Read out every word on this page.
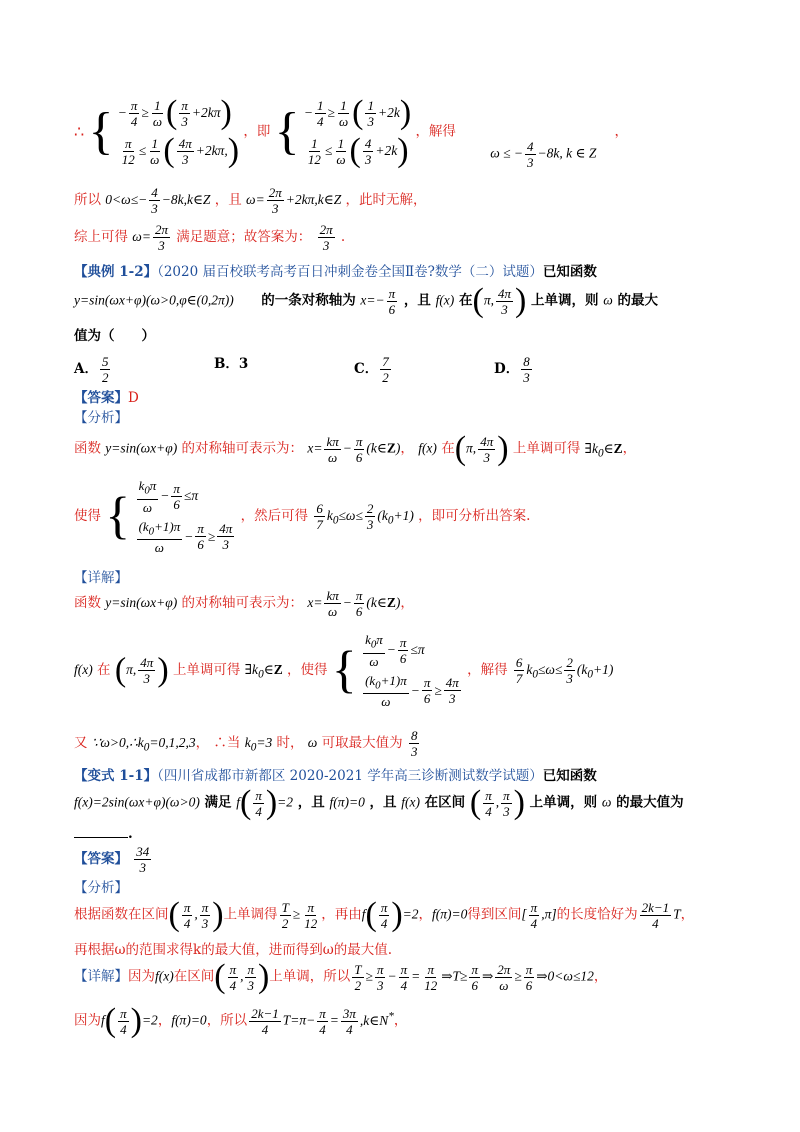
∴ { − $\frac{\pi}{4} \ge \frac{1}{\omega}$ ( $\frac{\pi}{3} +2k\pi$ )
$\frac{\pi}{12} \le \frac{1}{\omega}$ ( $\frac{4\pi}{3} +2k\pi$, )
，即 { − $\frac{1}{4} \ge \frac{1}{\omega}$ ( $\frac{1}{3} +2k$ )
$\frac{1}{12} \le \frac{1}{\omega}$ ( $\frac{4}{3} +2k$ )
，解得
ω ≤ − $\frac{4}{3} -8k$, k ∈ Z
，
所以 $0<\omega\le- \frac{4}{3}$ −8k,k∈Z ，且 $\omega= \frac{2\pi}{3}$ +2kπ,k∈Z ，此时无解，
综上可得 $\omega= \frac{2\pi}{3}$ 满足题意；故答案为： $\frac{2\pi}{3}$ .
【典例 1-2】（2020 届百校联考高考百日冲刺金卷全国Ⅱ卷?数学（二）试题）已知函数
y=sin(ωx+φ)(ω>0,φ∈(0,2π)) 的一条对称轴为 $x=- \frac{\pi}{6}$ ，且 f(x) 在(π, $\frac{4\pi}{3}$ ) 上单调，则 ω 的最大
值为（　　）
A． $\frac{5}{2}$	B．3	C． $\frac{7}{2}$	D． $\frac{8}{3}$
【答案】D
【分析】
函数 y=sin(ωx+φ) 的对称轴可表示为： $x= \frac{k\pi}{\omega} - \frac{\pi}{6}$ (k∈Z)， f(x) 在(π, $\frac{4\pi}{3}$ ) 上单调可得 $\exists k_0\in Z$，
使得 { $\frac{k_0\pi}{\omega} - \frac{\pi}{6} \le\pi$
$\frac{(k_0+1)\pi}{\omega} - \frac{\pi}{6} \ge \frac{4\pi}{3}$
，然后可得 $\frac{6}{7} k_0\le\omega\le \frac{2}{3} (k_0+1)$ ，即可分析出答案.
【详解】
函数 y=sin(ωx+φ) 的对称轴可表示为： $x= \frac{k\pi}{\omega} - \frac{\pi}{6}$ (k∈Z)，
f(x) 在 (π, $\frac{4\pi}{3}$ ) 上单调可得 $\exists k_0\in Z$ ，使得 { $\frac{k_0\pi}{\omega} - \frac{\pi}{6} \le\pi$
$\frac{(k_0+1)\pi}{\omega} - \frac{\pi}{6} \ge \frac{4\pi}{3}$
，解得 $\frac{6}{7} k_0\le\omega\le \frac{2}{3} (k_0+1)$
又 $\because\omega>0,\therefore k_0=0,1,2,3$， ∴当 $k_0=3$ 时， ω 可取最大值为 $\frac{8}{3}$
【变式 1-1】（四川省成都市新都区 2020-2021 学年高三诊断测试数学试题）已知函数
f(x)=2sin(ωx+φ)(ω>0) 满足 $f( \frac{\pi}{4} )=2$ ，且 f(π)=0 ，且 f(x) 在区间 ( $\frac{\pi}{4}$ , $\frac{\pi}{3}$ ) 上单调，则 ω 的最大值为
.
【答案】 $\frac{34}{3}$
【分析】
根据函数在区间( $\frac{\pi}{4}$ , $\frac{\pi}{3}$ )上单调得 $\frac{T}{2} \ge \frac{\pi}{12}$ ，再由$f( \frac{\pi}{4} )=2$，f(π)=0得到区间[ $\frac{\pi}{4} ,\pi$]的长度恰好为 $\frac{2k-1}{4}$ T，
再根据ω的范围求得k的最大值，进而得到ω的最大值.
【详解】因为f(x)在区间( $\frac{\pi}{4}$ , $\frac{\pi}{3}$ )上单调，所以 $\frac{T}{2} \ge \frac{\pi}{3} - \frac{\pi}{4} = \frac{\pi}{12}$ ⇒T≥ $\frac{\pi}{6}$ ⇒ $\frac{2\pi}{\omega} \ge \frac{\pi}{6}$ ⇒0<ω≤12，
因为$f( \frac{\pi}{4} )=2$，f(π)=0，所以 $\frac{2k-1}{4} T=\pi- \frac{\pi}{4} = \frac{3\pi}{4}$ ,k∈N*，
